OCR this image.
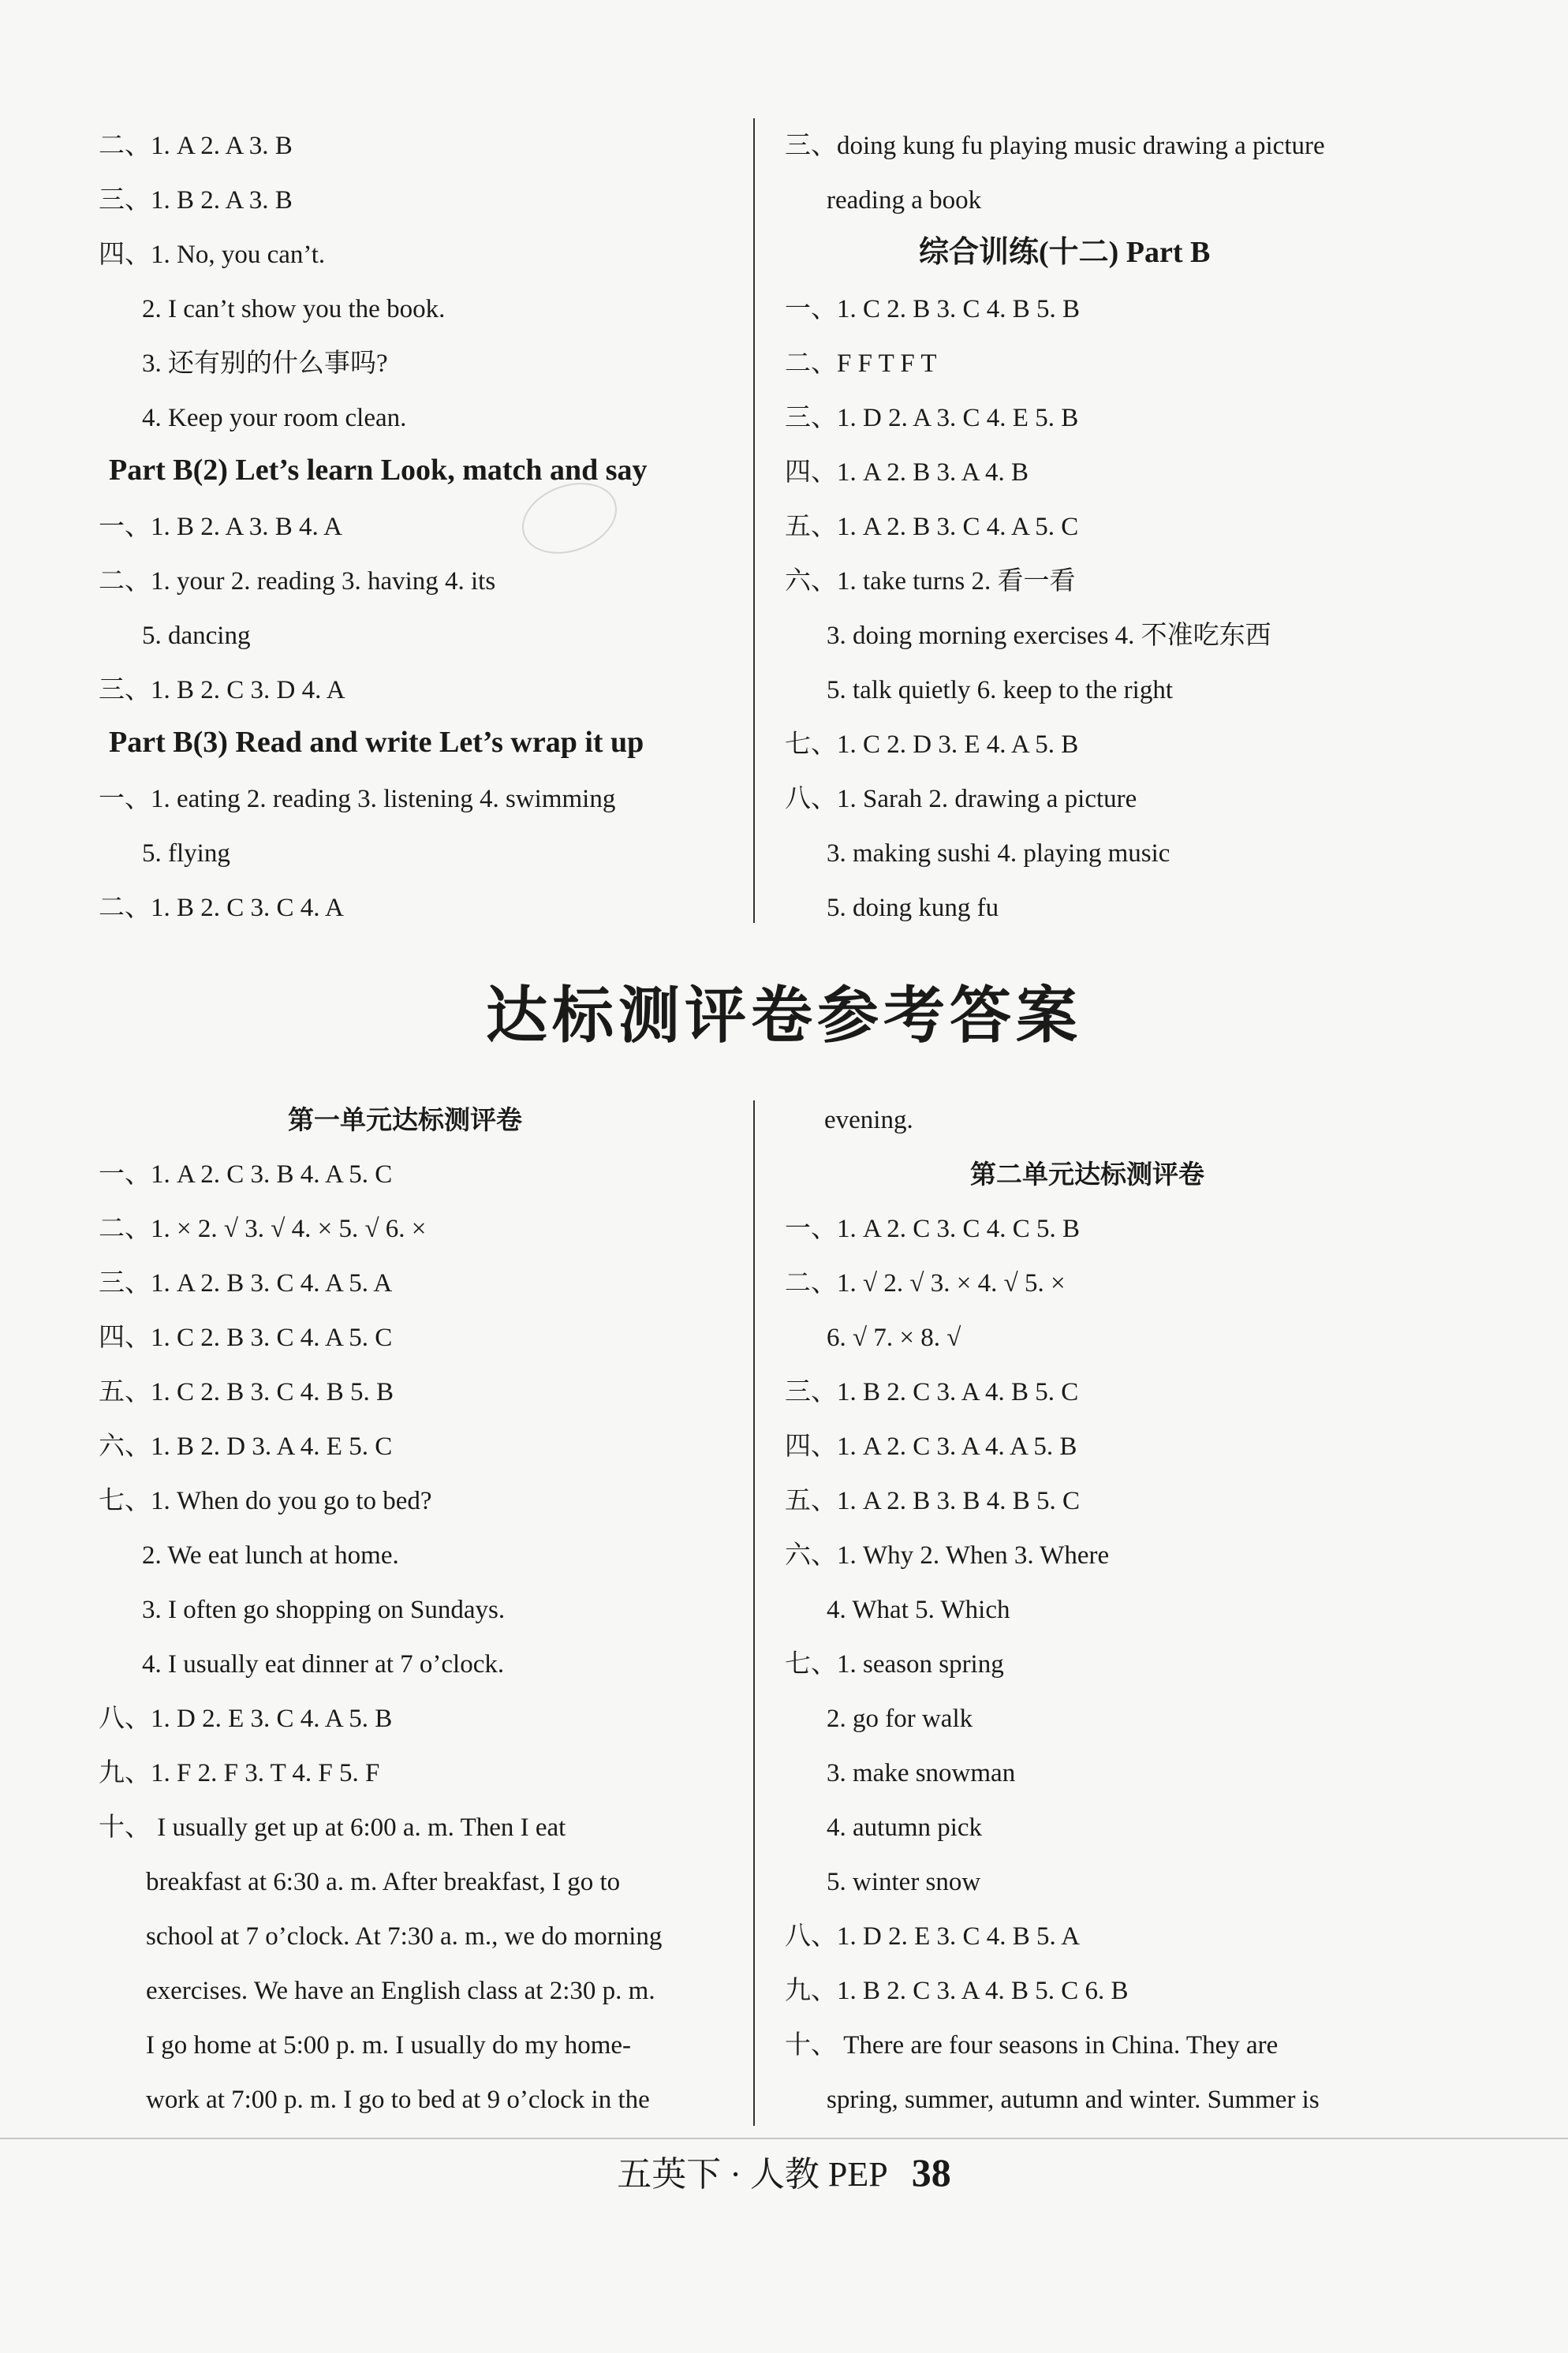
二、1. A 2. A 3. B
三、1. B 2. A 3. B
四、1. No, you can’t.
2. I can’t show you the book.
3. 还有别的什么事吗?
4. Keep your room clean.
Part B(2) Let’s learn Look, match and say
一、1. B 2. A 3. B 4. A
二、1. your 2. reading 3. having 4. its
5. dancing
三、1. B 2. C 3. D 4. A
Part B(3) Read and write Let’s wrap it up
一、1. eating 2. reading 3. listening 4. swimming
5. flying
二、1. B 2. C 3. C 4. A
三、doing kung fu playing music drawing a picture
reading a book
综合训练(十二) Part B
一、1. C 2. B 3. C 4. B 5. B
二、F F T F T
三、1. D 2. A 3. C 4. E 5. B
四、1. A 2. B 3. A 4. B
五、1. A 2. B 3. C 4. A 5. C
六、1. take turns 2. 看一看
3. doing morning exercises 4. 不准吃东西
5. talk quietly 6. keep to the right
七、1. C 2. D 3. E 4. A 5. B
八、1. Sarah 2. drawing a picture
3. making sushi 4. playing music
5. doing kung fu
达标测评卷参考答案
第一单元达标测评卷
一、1. A 2. C 3. B 4. A 5. C
二、1. × 2. √ 3. √ 4. × 5. √ 6. ×
三、1. A 2. B 3. C 4. A 5. A
四、1. C 2. B 3. C 4. A 5. C
五、1. C 2. B 3. C 4. B 5. B
六、1. B 2. D 3. A 4. E 5. C
七、1. When do you go to bed?
2. We eat lunch at home.
3. I often go shopping on Sundays.
4. I usually eat dinner at 7 o’clock.
八、1. D 2. E 3. C 4. A 5. B
九、1. F 2. F 3. T 4. F 5. F
十、 I usually get up at 6:00 a. m. Then I eat
breakfast at 6:30 a. m. After breakfast, I go to
school at 7 o’clock. At 7:30 a. m., we do morning
exercises. We have an English class at 2:30 p. m.
I go home at 5:00 p. m. I usually do my home-
work at 7:00 p. m. I go to bed at 9 o’clock in the
evening.
第二单元达标测评卷
一、1. A 2. C 3. C 4. C 5. B
二、1. √ 2. √ 3. × 4. √ 5. ×
6. √ 7. × 8. √
三、1. B 2. C 3. A 4. B 5. C
四、1. A 2. C 3. A 4. A 5. B
五、1. A 2. B 3. B 4. B 5. C
六、1. Why 2. When 3. Where
4. What 5. Which
七、1. season spring
2. go for walk
3. make snowman
4. autumn pick
5. winter snow
八、1. D 2. E 3. C 4. B 5. A
九、1. B 2. C 3. A 4. B 5. C 6. B
十、 There are four seasons in China. They are
spring, summer, autumn and winter. Summer is
五英下 · 人教 PEP 38
